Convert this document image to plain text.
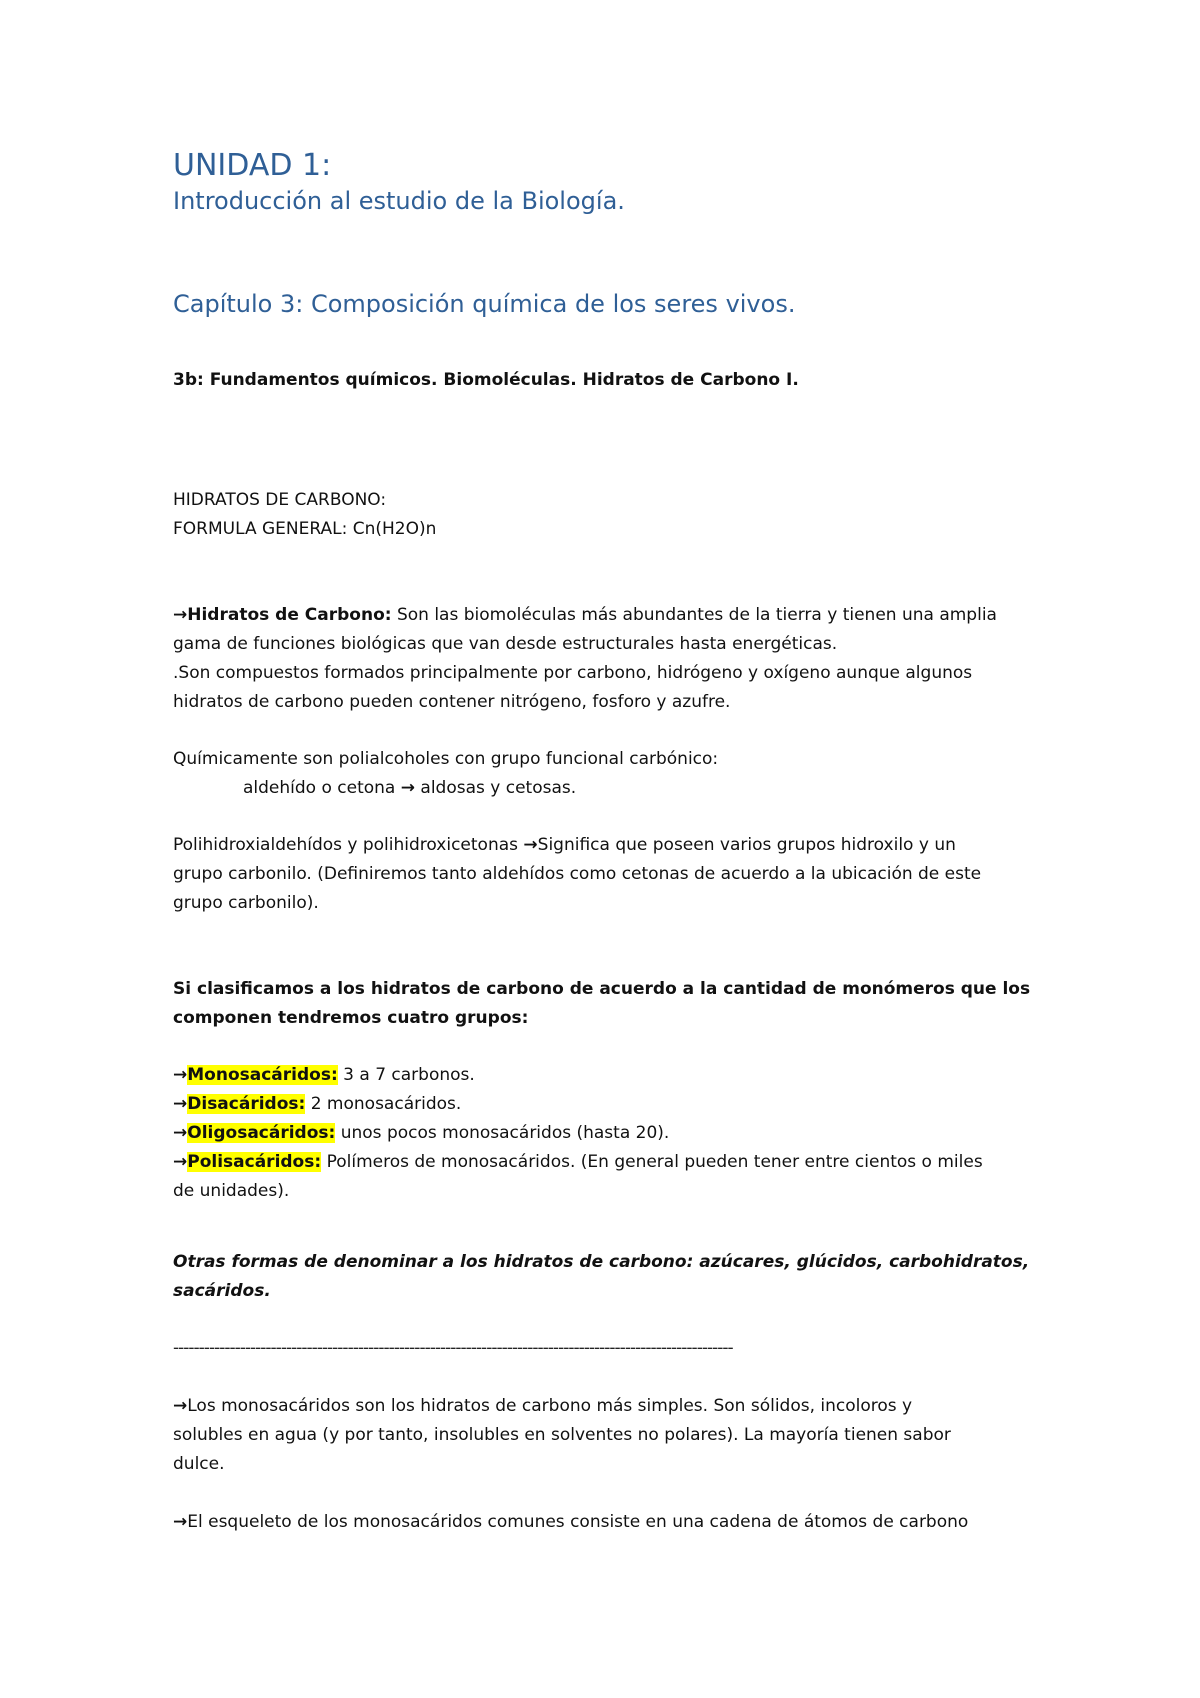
UNIDAD 1:
Introducción al estudio de la Biología.
Capítulo 3: Composición química de los seres vivos.
3b: Fundamentos químicos. Biomoléculas. Hidratos de Carbono I.
HIDRATOS DE CARBONO:
FORMULA GENERAL: Cn(H2O)n
→Hidratos de Carbono: Son las biomoléculas más abundantes de la tierra y tienen una amplia
gama de funciones biológicas que van desde estructurales hasta energéticas.
.Son compuestos formados principalmente por carbono, hidrógeno y oxígeno aunque algunos
hidratos de carbono pueden contener nitrógeno, fosforo y azufre.
Químicamente son polialcoholes con grupo funcional carbónico:
aldehído o cetona → aldosas y cetosas.
Polihidroxialdehídos y polihidroxicetonas →Significa que poseen varios grupos hidroxilo y un
grupo carbonilo. (Definiremos tanto aldehídos como cetonas de acuerdo a la ubicación de este
grupo carbonilo).
Si clasificamos a los hidratos de carbono de acuerdo a la cantidad de monómeros que los
componen tendremos cuatro grupos:
→Monosacáridos: 3 a 7 carbonos.
→Disacáridos: 2 monosacáridos.
→Oligosacáridos: unos pocos monosacáridos (hasta 20).
→Polisacáridos: Polímeros de monosacáridos. (En general pueden tener entre cientos o miles
de unidades).
Otras formas de denominar a los hidratos de carbono: azúcares, glúcidos, carbohidratos,
sacáridos.
-------------------------------------------------------------------------------------------------------------
→Los monosacáridos son los hidratos de carbono más simples. Son sólidos, incoloros y
solubles en agua (y por tanto, insolubles en solventes no polares). La mayoría tienen sabor
dulce.
→El esqueleto de los monosacáridos comunes consiste en una cadena de átomos de carbono
